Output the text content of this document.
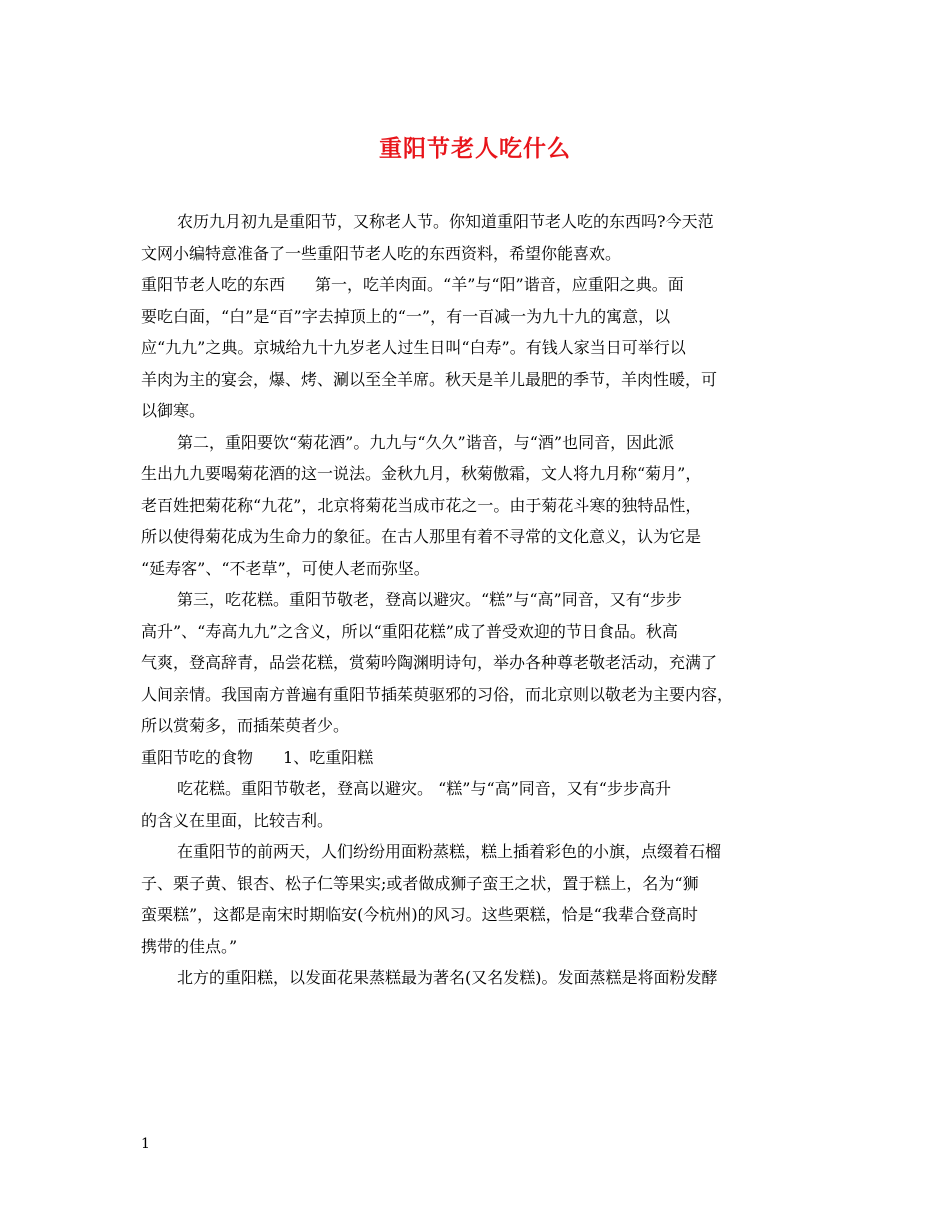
重阳节老人吃什么
农历九月初九是重阳节，又称老人节。你知道重阳节老人吃的东西吗?今天范
文网小编特意准备了一些重阳节老人吃的东西资料，希望你能喜欢。
重阳节老人吃的东西 第一，吃羊肉面。“羊”与“阳”谐音，应重阳之典。面
要吃白面，“白”是“百”字去掉顶上的“一”，有一百减一为九十九的寓意，以
应“九九”之典。京城给九十九岁老人过生日叫“白寿”。有钱人家当日可举行以
羊肉为主的宴会，爆、烤、涮以至全羊席。秋天是羊儿最肥的季节，羊肉性暖，可
以御寒。
第二，重阳要饮“菊花酒”。九九与“久久”谐音，与“酒”也同音，因此派
生出九九要喝菊花酒的这一说法。金秋九月，秋菊傲霜，文人将九月称“菊月”，
老百姓把菊花称“九花”，北京将菊花当成市花之一。由于菊花斗寒的独特品性，
所以使得菊花成为生命力的象征。在古人那里有着不寻常的文化意义，认为它是
“延寿客”、“不老草”，可使人老而弥坚。
第三，吃花糕。重阳节敬老，登高以避灾。“糕”与“高”同音，又有“步步
高升”、“寿高九九”之含义，所以“重阳花糕”成了普受欢迎的节日食品。秋高
气爽，登高辞青，品尝花糕，赏菊吟陶渊明诗句，举办各种尊老敬老活动，充满了
人间亲情。我国南方普遍有重阳节插茱萸驱邪的习俗，而北京则以敬老为主要内容，
所以赏菊多，而插茱萸者少。
重阳节吃的食物 1、吃重阳糕
吃花糕。重阳节敬老，登高以避灾。 “糕”与“高”同音，又有“步步高升
的含义在里面，比较吉利。
在重阳节的前两天，人们纷纷用面粉蒸糕，糕上插着彩色的小旗，点缀着石榴
子、栗子黄、银杏、松子仁等果实;或者做成狮子蛮王之状，置于糕上，名为“狮
蛮栗糕”，这都是南宋时期临安(今杭州)的风习。这些栗糕，恰是“我辈合登高时
携带的佳点。”
北方的重阳糕，以发面花果蒸糕最为著名(又名发糕)。发面蒸糕是将面粉发酵
1
